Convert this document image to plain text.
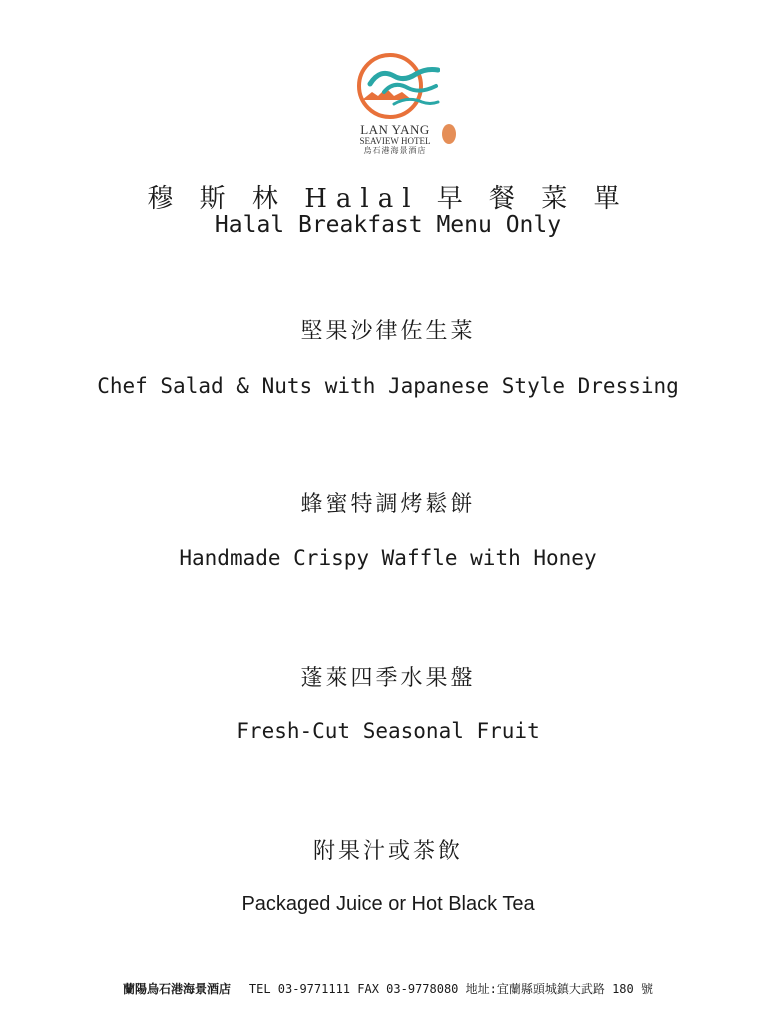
LAN YANG
SEAVIEW HOTEL
烏石港海景酒店
穆 斯 林 Halal 早 餐 菜 單
Halal Breakfast Menu Only
堅果沙律佐生菜
Chef Salad & Nuts with Japanese Style Dressing
蜂蜜特調烤鬆餅
Handmade Crispy Waffle with Honey
蓬萊四季水果盤
Fresh-Cut Seasonal Fruit
附果汁或茶飲
Packaged Juice or Hot Black Tea
蘭陽烏石港海景酒店 TEL 03-9771111 FAX 03-9778080 地址:宜蘭縣頭城鎮大武路 180 號
